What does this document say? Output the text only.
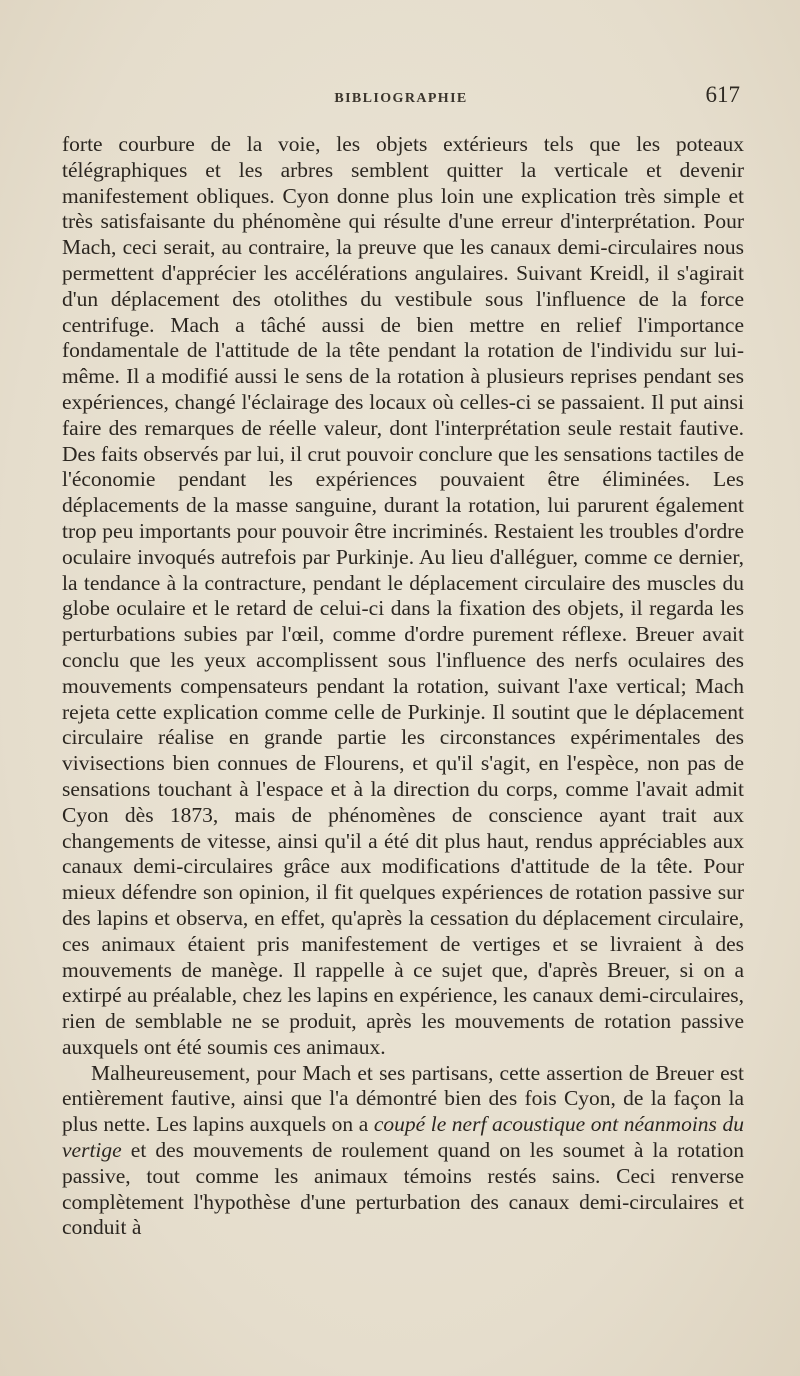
BIBLIOGRAPHIE	617

forte courbure de la voie, les objets extérieurs tels que les poteaux télégraphiques et les arbres semblent quitter la verticale et devenir manifestement obliques. Cyon donne plus loin une explication très simple et très satisfaisante du phénomène qui résulte d'une erreur d'interprétation. Pour Mach, ceci serait, au contraire, la preuve que les canaux demi-circulaires nous permettent d'apprécier les accélérations angulaires. Suivant Kreidl, il s'agirait d'un déplacement des otolithes du vestibule sous l'influence de la force centrifuge. Mach a tâché aussi de bien mettre en relief l'importance fondamentale de l'attitude de la tête pendant la rotation de l'individu sur lui-même. Il a modifié aussi le sens de la rotation à plusieurs reprises pendant ses expériences, changé l'éclairage des locaux où celles-ci se passaient. Il put ainsi faire des remarques de réelle valeur, dont l'interprétation seule restait fautive. Des faits observés par lui, il crut pouvoir conclure que les sensations tactiles de l'économie pendant les expériences pouvaient être éliminées. Les déplacements de la masse sanguine, durant la rotation, lui parurent également trop peu importants pour pouvoir être incriminés. Restaient les troubles d'ordre oculaire invoqués autrefois par Purkinje. Au lieu d'alléguer, comme ce dernier, la tendance à la contracture, pendant le déplacement circulaire des muscles du globe oculaire et le retard de celui-ci dans la fixation des objets, il regarda les perturbations subies par l'œil, comme d'ordre purement réflexe. Breuer avait conclu que les yeux accomplissent sous l'influence des nerfs oculaires des mouvements compensateurs pendant la rotation, suivant l'axe vertical; Mach rejeta cette explication comme celle de Purkinje. Il soutint que le déplacement circulaire réalise en grande partie les circonstances expérimentales des vivisections bien connues de Flourens, et qu'il s'agit, en l'espèce, non pas de sensations touchant à l'espace et à la direction du corps, comme l'avait admit Cyon dès 1873, mais de phénomènes de conscience ayant trait aux changements de vitesse, ainsi qu'il a été dit plus haut, rendus appréciables aux canaux demi-circulaires grâce aux modifications d'attitude de la tête. Pour mieux défendre son opinion, il fit quelques expériences de rotation passive sur des lapins et observa, en effet, qu'après la cessation du déplacement circulaire, ces animaux étaient pris manifestement de vertiges et se livraient à des mouvements de manège. Il rappelle à ce sujet que, d'après Breuer, si on a extirpé au préalable, chez les lapins en expérience, les canaux demi-circulaires, rien de semblable ne se produit, après les mouvements de rotation passive auxquels ont été soumis ces animaux.

Malheureusement, pour Mach et ses partisans, cette assertion de Breuer est entièrement fautive, ainsi que l'a démontré bien des fois Cyon, de la façon la plus nette. Les lapins auxquels on a coupé le nerf acoustique ont néanmoins du vertige et des mouvements de roulement quand on les soumet à la rotation passive, tout comme les animaux témoins restés sains. Ceci renverse complètement l'hypothèse d'une perturbation des canaux demi-circulaires et conduit à
